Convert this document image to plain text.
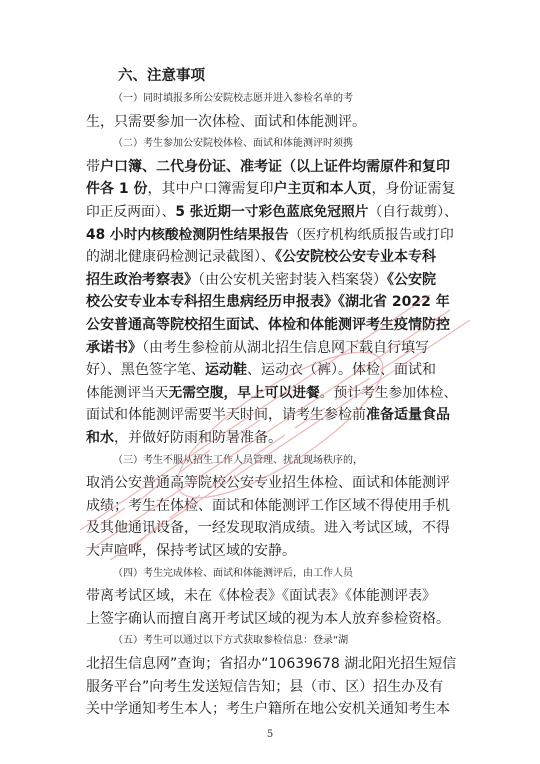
六、注意事项
（一）同时填报多所公安院校志愿并进入参检名单的考
生，只需要参加一次体检、面试和体能测评。
（二）考生参加公安院校体检、面试和体能测评时须携
带户口簿、二代身份证、准考证（以上证件均需原件和复印
件各 1 份，其中户口簿需复印户主页和本人页，身份证需复
印正反两面）、5 张近期一寸彩色蓝底免冠照片（自行裁剪）、
48 小时内核酸检测阴性结果报告（医疗机构纸质报告或打印
的湖北健康码检测记录截图）、《公安院校公安专业本专科
招生政治考察表》（由公安机关密封装入档案袋）《公安院
校公安专业本专科招生患病经历申报表》《湖北省 2022 年
公安普通高等院校招生面试、体检和体能测评考生疫情防控
承诺书》（由考生参检前从湖北招生信息网下载自行填写
好）、黑色签字笔、运动鞋、运动衣（裤）。体检、面试和
体能测评当天无需空腹，早上可以进餐。预计考生参加体检、
面试和体能测评需要半天时间，请考生参检前准备适量食品
和水，并做好防雨和防暑准备。
（三）考生不服从招生工作人员管理、扰乱现场秩序的，
取消公安普通高等院校公安专业招生体检、面试和体能测评
成绩；考生在体检、面试和体能测评工作区域不得使用手机
及其他通讯设备，一经发现取消成绩。进入考试区域，不得
大声喧哗，保持考试区域的安静。
（四）考生完成体检、面试和体能测评后，由工作人员
带离考试区域，未在《体检表》《面试表》《体能测评表》
上签字确认而擅自离开考试区域的视为本人放弃参检资格。
（五）考生可以通过以下方式获取参检信息：登录“湖
北招生信息网”查询；省招办“10639678 湖北阳光招生短信
服务平台”向考生发送短信告知；县（市、区）招生办及有
关中学通知考生本人；考生户籍所在地公安机关通知考生本
5
